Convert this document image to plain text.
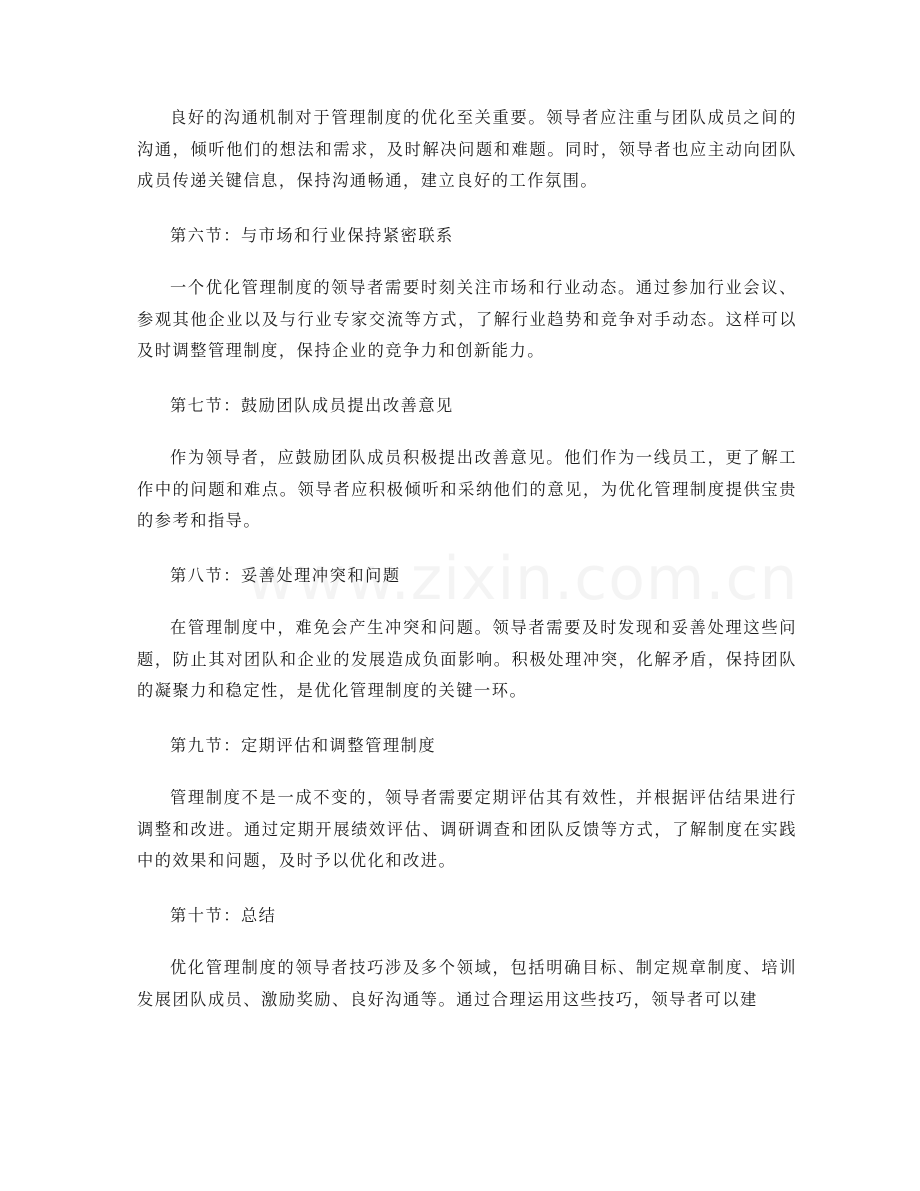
良好的沟通机制对于管理制度的优化至关重要。领导者应注重与团队成员之间的沟通，倾听他们的想法和需求，及时解决问题和难题。同时，领导者也应主动向团队成员传递关键信息，保持沟通畅通，建立良好的工作氛围。

第六节：与市场和行业保持紧密联系

一个优化管理制度的领导者需要时刻关注市场和行业动态。通过参加行业会议、参观其他企业以及与行业专家交流等方式，了解行业趋势和竞争对手动态。这样可以及时调整管理制度，保持企业的竞争力和创新能力。

第七节：鼓励团队成员提出改善意见

作为领导者，应鼓励团队成员积极提出改善意见。他们作为一线员工，更了解工作中的问题和难点。领导者应积极倾听和采纳他们的意见，为优化管理制度提供宝贵的参考和指导。

第八节：妥善处理冲突和问题

在管理制度中，难免会产生冲突和问题。领导者需要及时发现和妥善处理这些问题，防止其对团队和企业的发展造成负面影响。积极处理冲突，化解矛盾，保持团队的凝聚力和稳定性，是优化管理制度的关键一环。

第九节：定期评估和调整管理制度

管理制度不是一成不变的，领导者需要定期评估其有效性，并根据评估结果进行调整和改进。通过定期开展绩效评估、调研调查和团队反馈等方式，了解制度在实践中的效果和问题，及时予以优化和改进。

第十节：总结

优化管理制度的领导者技巧涉及多个领域，包括明确目标、制定规章制度、培训发展团队成员、激励奖励、良好沟通等。通过合理运用这些技巧，领导者可以建
